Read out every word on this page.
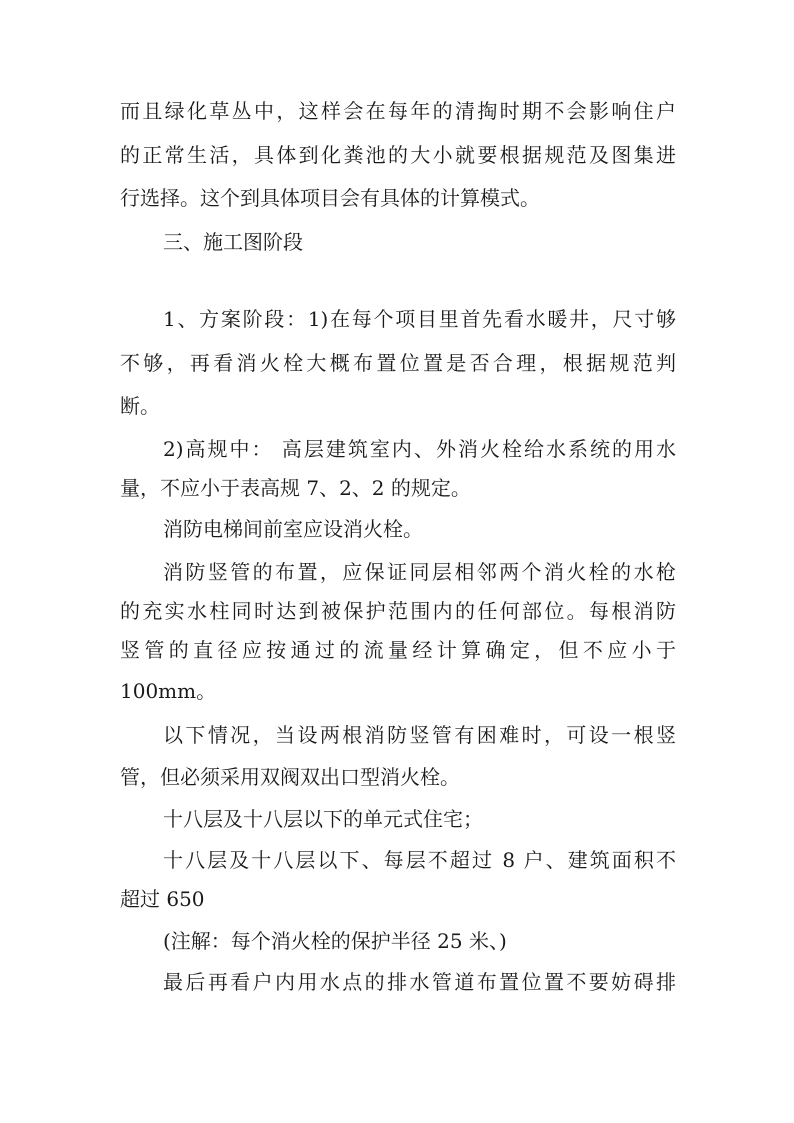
而且绿化草丛中，这样会在每年的清掏时期不会影响住户
的正常生活，具体到化粪池的大小就要根据规范及图集进
行选择。这个到具体项目会有具体的计算模式。
三、施工图阶段
1、方案阶段：1)在每个项目里首先看水暖井，尺寸够
不够，再看消火栓大概布置位置是否合理，根据规范判
断。
2)高规中： 高层建筑室内、外消火栓给水系统的用水
量，不应小于表高规 7、2、2 的规定。
消防电梯间前室应设消火栓。
消防竖管的布置，应保证同层相邻两个消火栓的水枪
的充实水柱同时达到被保护范围内的任何部位。每根消防
竖管的直径应按通过的流量经计算确定，但不应小于
100mm。
以下情况，当设两根消防竖管有困难时，可设一根竖
管，但必须采用双阀双出口型消火栓。
十八层及十八层以下的单元式住宅；
十八层及十八层以下、每层不超过 8 户、建筑面积不
超过 650
(注解：每个消火栓的保护半径 25 米、)
最后再看户内用水点的排水管道布置位置不要妨碍排
